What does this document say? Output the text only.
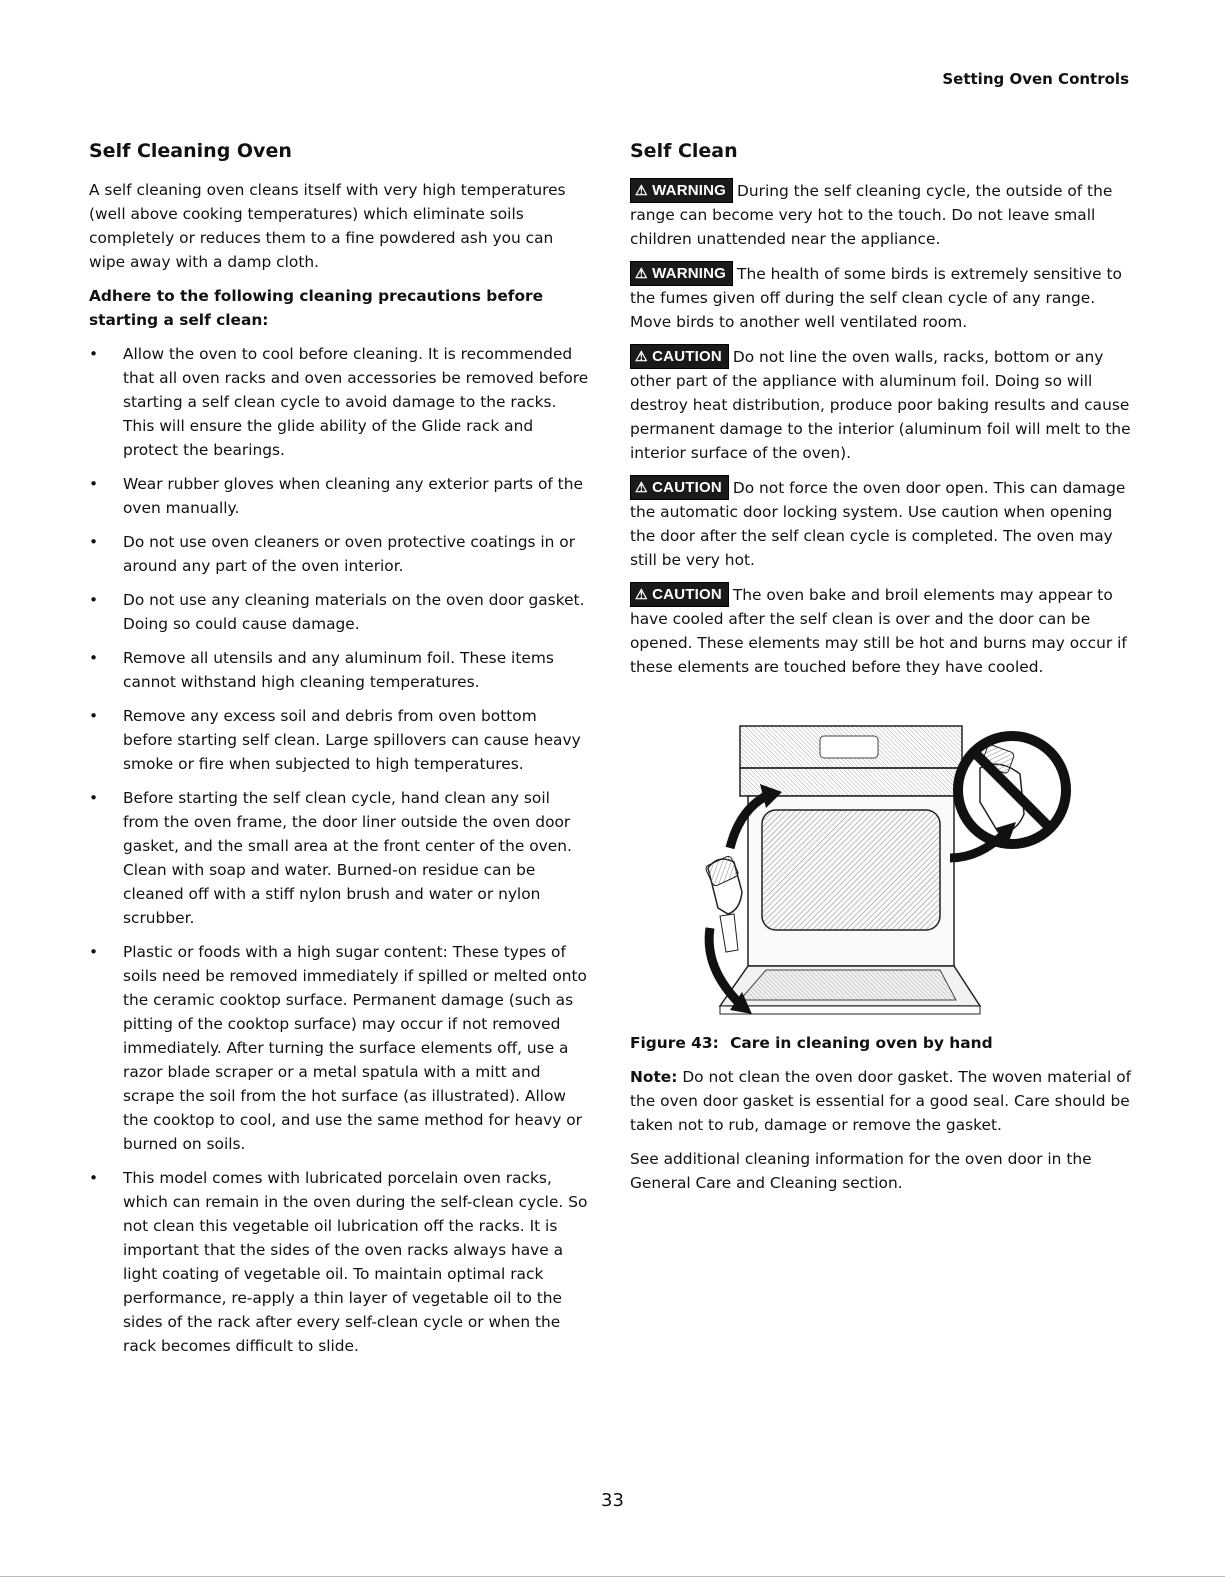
Setting Oven Controls
Self Cleaning Oven

A self cleaning oven cleans itself with very high temperatures (well above cooking temperatures) which eliminate soils completely or reduces them to a fine powdered ash you can wipe away with a damp cloth.

Adhere to the following cleaning precautions before starting a self clean:

• Allow the oven to cool before cleaning. It is recommended that all oven racks and oven accessories be removed before starting a self clean cycle to avoid damage to the racks. This will ensure the glide ability of the Glide rack and protect the bearings.
• Wear rubber gloves when cleaning any exterior parts of the oven manually.
• Do not use oven cleaners or oven protective coatings in or around any part of the oven interior.
• Do not use any cleaning materials on the oven door gasket. Doing so could cause damage.
• Remove all utensils and any aluminum foil. These items cannot withstand high cleaning temperatures.
• Remove any excess soil and debris from oven bottom before starting self clean. Large spillovers can cause heavy smoke or fire when subjected to high temperatures.
• Before starting the self clean cycle, hand clean any soil from the oven frame, the door liner outside the oven door gasket, and the small area at the front center of the oven. Clean with soap and water. Burned-on residue can be cleaned off with a stiff nylon brush and water or nylon scrubber.
• Plastic or foods with a high sugar content: These types of soils need be removed immediately if spilled or melted onto the ceramic cooktop surface. Permanent damage (such as pitting of the cooktop surface) may occur if not removed immediately. After turning the surface elements off, use a razor blade scraper or a metal spatula with a mitt and scrape the soil from the hot surface (as illustrated). Allow the cooktop to cool, and use the same method for heavy or burned on soils.
• This model comes with lubricated porcelain oven racks, which can remain in the oven during the self-clean cycle. So not clean this vegetable oil lubrication off the racks. It is important that the sides of the oven racks always have a light coating of vegetable oil. To maintain optimal rack performance, re-apply a thin layer of vegetable oil to the sides of the rack after every self-clean cycle or when the rack becomes difficult to slide.
Self Clean

⚠ WARNING During the self cleaning cycle, the outside of the range can become very hot to the touch. Do not leave small children unattended near the appliance.

⚠ WARNING The health of some birds is extremely sensitive to the fumes given off during the self clean cycle of any range. Move birds to another well ventilated room.

⚠ CAUTION Do not line the oven walls, racks, bottom or any other part of the appliance with aluminum foil. Doing so will destroy heat distribution, produce poor baking results and cause permanent damage to the interior (aluminum foil will melt to the interior surface of the oven).

⚠ CAUTION Do not force the oven door open. This can damage the automatic door locking system. Use caution when opening the door after the self clean cycle is completed. The oven may still be very hot.

⚠ CAUTION The oven bake and broil elements may appear to have cooled after the self clean is over and the door can be opened. These elements may still be hot and burns may occur if these elements are touched before they have cooled.

Figure 43: Care in cleaning oven by hand

Note: Do not clean the oven door gasket. The woven material of the oven door gasket is essential for a good seal. Care should be taken not to rub, damage or remove the gasket.

See additional cleaning information for the oven door in the General Care and Cleaning section.

33
